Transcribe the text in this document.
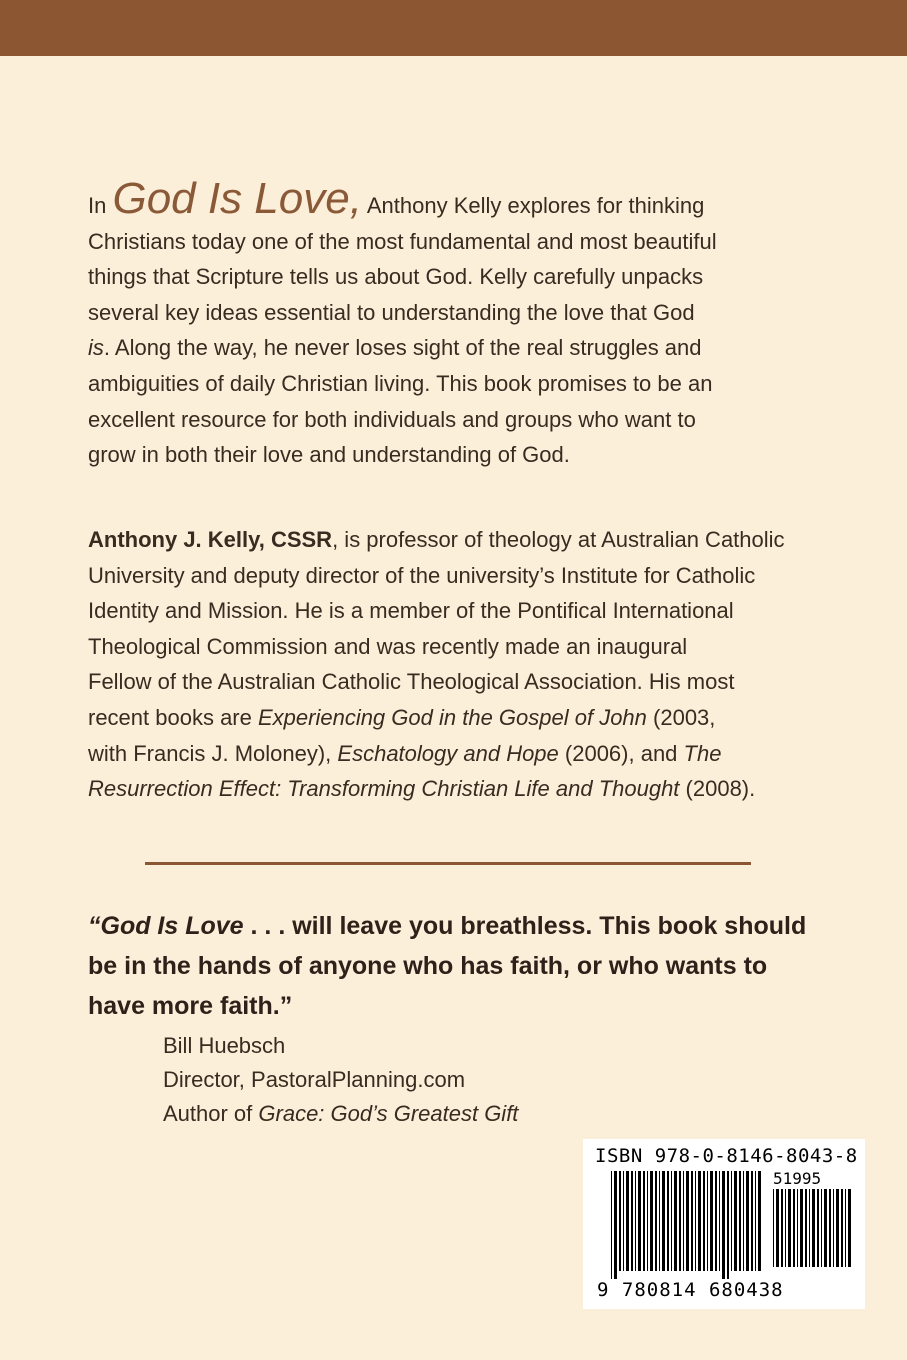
In God Is Love, Anthony Kelly explores for thinking
Christians today one of the most fundamental and most beautiful
things that Scripture tells us about God. Kelly carefully unpacks
several key ideas essential to understanding the love that God
is. Along the way, he never loses sight of the real struggles and
ambiguities of daily Christian living. This book promises to be an
excellent resource for both individuals and groups who want to
grow in both their love and understanding of God.

Anthony J. Kelly, CSSR, is professor of theology at Australian Catholic
University and deputy director of the university’s Institute for Catholic
Identity and Mission. He is a member of the Pontifical International
Theological Commission and was recently made an inaugural
Fellow of the Australian Catholic Theological Association. His most
recent books are Experiencing God in the Gospel of John (2003,
with Francis J. Moloney), Eschatology and Hope (2006), and The
Resurrection Effect: Transforming Christian Life and Thought (2008).

“God Is Love . . . will leave you breathless. This book should
be in the hands of anyone who has faith, or who wants to
have more faith.”

Bill Huebsch
Director, PastoralPlanning.com
Author of Grace: God’s Greatest Gift
ISBN 978-0-8146-8043-8
51995
9 780814 680438
